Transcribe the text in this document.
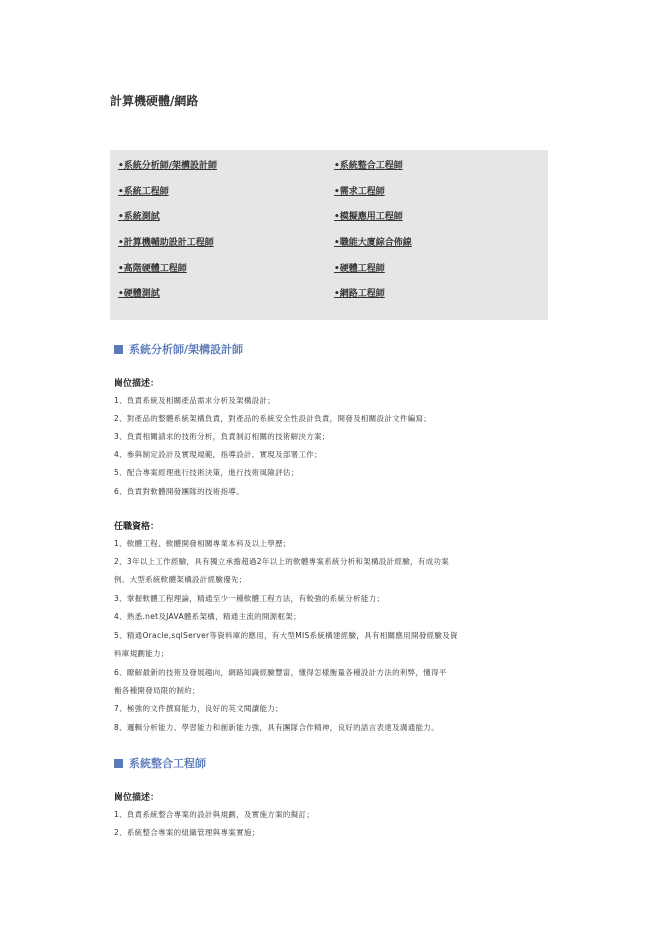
計算機硬體/網路
•系統分析師/架構設計師
•系統工程師
•系統測試
•計算機輔助設計工程師
•高階硬體工程師
•硬體測試
•系統整合工程師
•需求工程師
•模擬應用工程師
•職能大廈綜合佈線
•硬體工程師
•網路工程師
系統分析師/架構設計師
崗位描述：
1、負責系統及相關產品需求分析及架構設計；
2、對產品的整體系統架構負責，對產品的系統安全性設計負責，開發及相關設計文件編寫；
3、負責相關請求的技術分析，負責制訂相關的技術解決方案；
4、參與制定設計及實現規範，指導設計、實現及部署工作；
5、配合專案經理進行技術決策，進行技術風險評估；
6、負責對軟體開發團隊的技術指導。
任職資格：
1、軟體工程、軟體開發相關專業本科及以上學歷；
2、3年以上工作經驗，具有獨立承擔超過2年以上的軟體專案系統分析和架構設計經驗，有成功案
例、大型系統軟體架構設計經驗優先；
3、掌握軟體工程理論，精通至少一種軟體工程方法，有較強的系統分析能力；
4、熟悉.net及JAVA體系架構，精通主流的開源框架；
5、精通Oracle,sqlServer等資料庫的應用，有大型MIS系統構建經驗，具有相關應用開發經驗及資
料庫規劃能力；
6、瞭解最新的技術及發展趨向，網路知識經驗豐富，懂得怎樣衡量各種設計方法的利弊，懂得平
衡各種開發局限的制約；
7、極強的文件撰寫能力，良好的英文閱讀能力；
8、邏輯分析能力、學習能力和創新能力強，具有團隊合作精神，良好的語言表達及溝通能力。
系統整合工程師
崗位描述：
1、負責系統整合專案的設計與規劃，及實施方案的擬訂；
2、系統整合專案的組織管理與專案實施；
